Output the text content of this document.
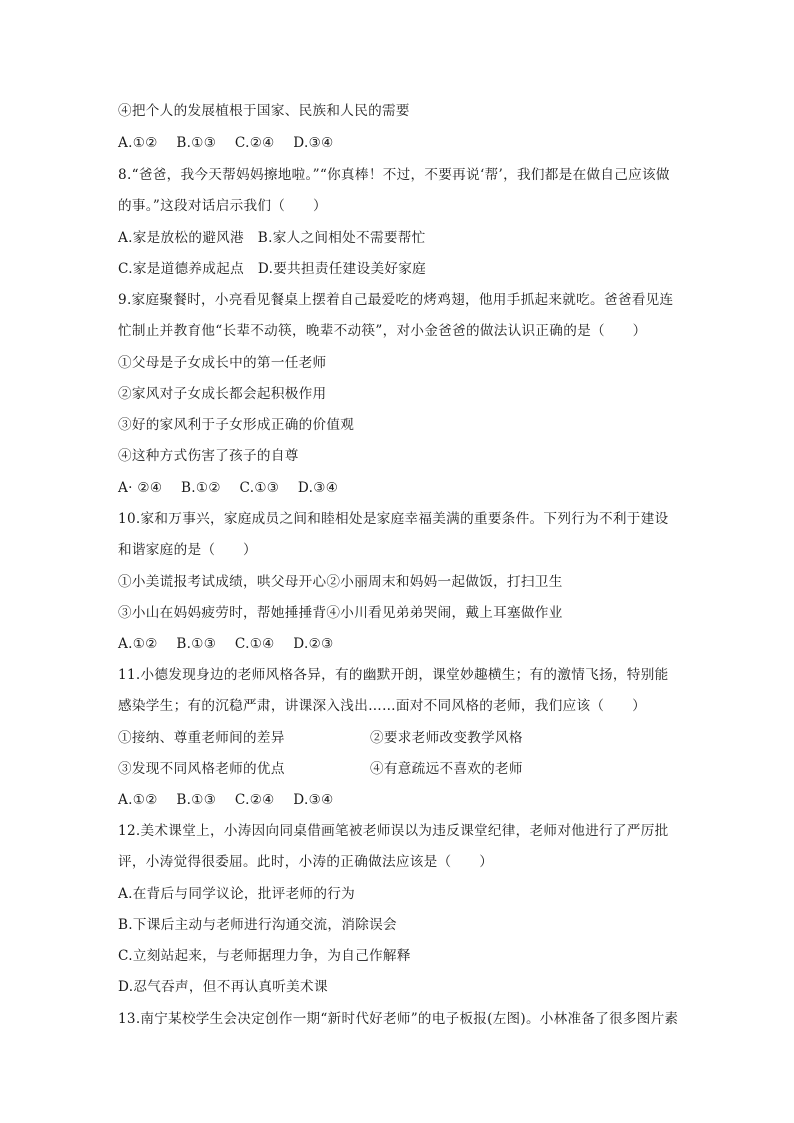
④把个人的发展植根于国家、民族和人民的需要
A.①② B.①③ C.②④ D.③④
8.“爸爸，我今天帮妈妈擦地啦。”“你真棒！不过，不要再说‘帮’，我们都是在做自己应该做
的事。”这段对话启示我们（　　）
A.家是放松的避风港　B.家人之间相处不需要帮忙
C.家是道德养成起点　D.要共担责任建设美好家庭
9.家庭聚餐时，小亮看见餐桌上摆着自己最爱吃的烤鸡翅，他用手抓起来就吃。爸爸看见连
忙制止并教育他“长辈不动筷，晚辈不动筷”，对小金爸爸的做法认识正确的是（　　）
①父母是子女成长中的第一任老师
②家风对子女成长都会起积极作用
③好的家风利于子女形成正确的价值观
④这种方式伤害了孩子的自尊
A· ②④ B.①② C.①③ D.③④
10.家和万事兴，家庭成员之间和睦相处是家庭幸福美满的重要条件。下列行为不利于建设
和谐家庭的是（　　）
①小美谎报考试成绩，哄父母开心②小丽周末和妈妈一起做饭，打扫卫生
③小山在妈妈疲劳时，帮她捶捶背④小川看见弟弟哭闹，戴上耳塞做作业
A.①② B.①③ C.①④ D.②③
11.小德发现身边的老师风格各异，有的幽默开朗，课堂妙趣横生；有的激情飞扬，特别能
感染学生；有的沉稳严肃，讲课深入浅出……面对不同风格的老师，我们应该（　　）
①接纳、尊重老师间的差异	②要求老师改变教学风格
③发现不同风格老师的优点	④有意疏远不喜欢的老师
A.①② B.①③ C.②④ D.③④
12.美术课堂上，小涛因向同桌借画笔被老师误以为违反课堂纪律，老师对他进行了严厉批
评，小涛觉得很委屈。此时，小涛的正确做法应该是（　　）
A.在背后与同学议论，批评老师的行为
B.下课后主动与老师进行沟通交流，消除误会
C.立刻站起来，与老师据理力争，为自己作解释
D.忍气吞声，但不再认真听美术课
13.南宁某校学生会决定创作一期“新时代好老师”的电子板报(左图)。小林准备了很多图片素
